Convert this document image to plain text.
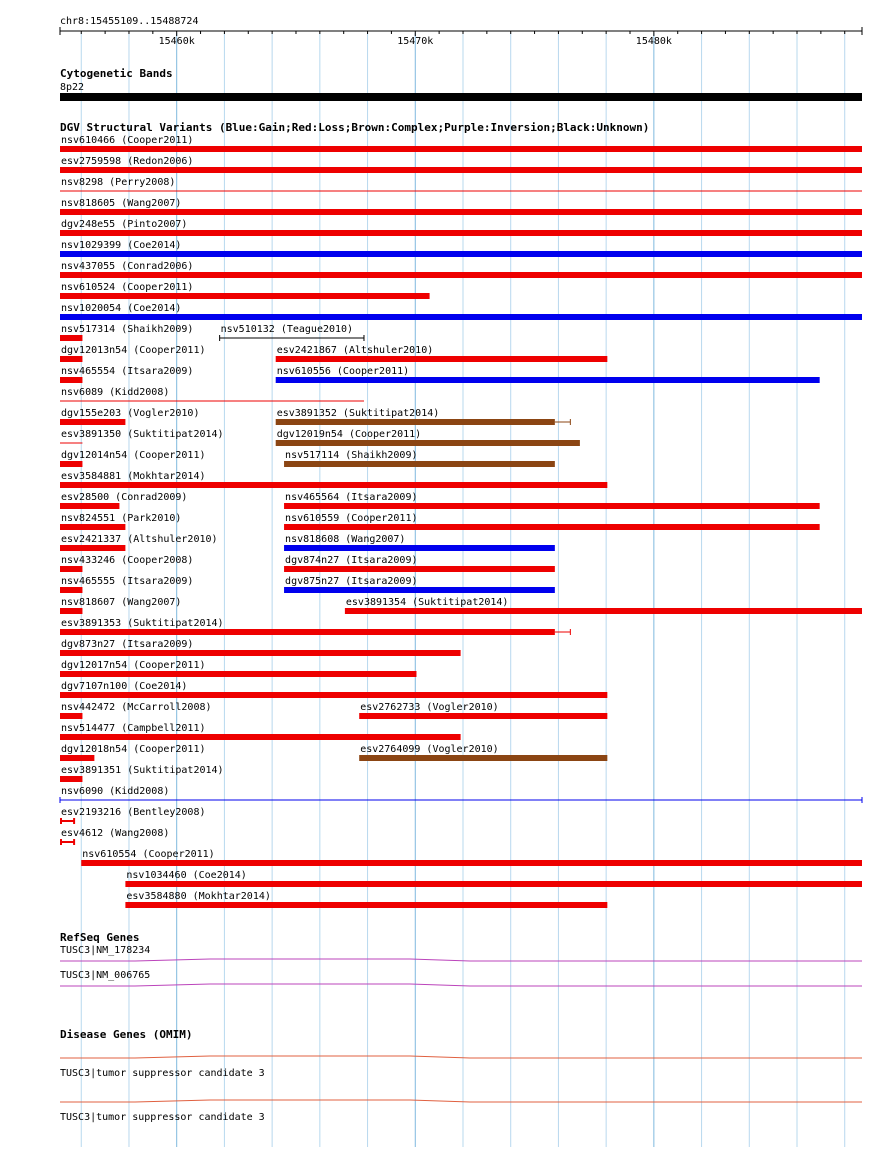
chr8:15455109..15488724
15460k	15470k	15480k
Cytogenetic Bands
8p22
DGV Structural Variants (Blue:Gain;Red:Loss;Brown:Complex;Purple:Inversion;Black:Unknown)
nsv610466 (Cooper2011)
esv2759598 (Redon2006)
nsv8298 (Perry2008)
nsv818605 (Wang2007)
dgv248e55 (Pinto2007)
nsv1029399 (Coe2014)
nsv437055 (Conrad2006)
nsv610524 (Cooper2011)
nsv1020054 (Coe2014)
nsv517314 (Shaikh2009)	nsv510132 (Teague2010)
dgv12013n54 (Cooper2011)	esv2421867 (Altshuler2010)
nsv465554 (Itsara2009)	nsv610556 (Cooper2011)
nsv6089 (Kidd2008)
dgv155e203 (Vogler2010)	esv3891352 (Suktitipat2014)
esv3891350 (Suktitipat2014)	dgv12019n54 (Cooper2011)
dgv12014n54 (Cooper2011)	nsv517114 (Shaikh2009)
esv3584881 (Mokhtar2014)
esv28500 (Conrad2009)	nsv465564 (Itsara2009)
nsv824551 (Park2010)	nsv610559 (Cooper2011)
esv2421337 (Altshuler2010)	nsv818608 (Wang2007)
nsv433246 (Cooper2008)	dgv874n27 (Itsara2009)
nsv465555 (Itsara2009)	dgv875n27 (Itsara2009)
nsv818607 (Wang2007)	esv3891354 (Suktitipat2014)
esv3891353 (Suktitipat2014)
dgv873n27 (Itsara2009)
dgv12017n54 (Cooper2011)
dgv7107n100 (Coe2014)
nsv442472 (McCarroll2008)	esv2762733 (Vogler2010)
nsv514477 (Campbell2011)
dgv12018n54 (Cooper2011)	esv2764099 (Vogler2010)
esv3891351 (Suktitipat2014)
nsv6090 (Kidd2008)
esv2193216 (Bentley2008)
esv4612 (Wang2008)
nsv610554 (Cooper2011)
nsv1034460 (Coe2014)
esv3584880 (Mokhtar2014)
RefSeq Genes
TUSC3|NM_178234
TUSC3|NM_006765
Disease Genes (OMIM)
TUSC3|tumor suppressor candidate 3
TUSC3|tumor suppressor candidate 3
